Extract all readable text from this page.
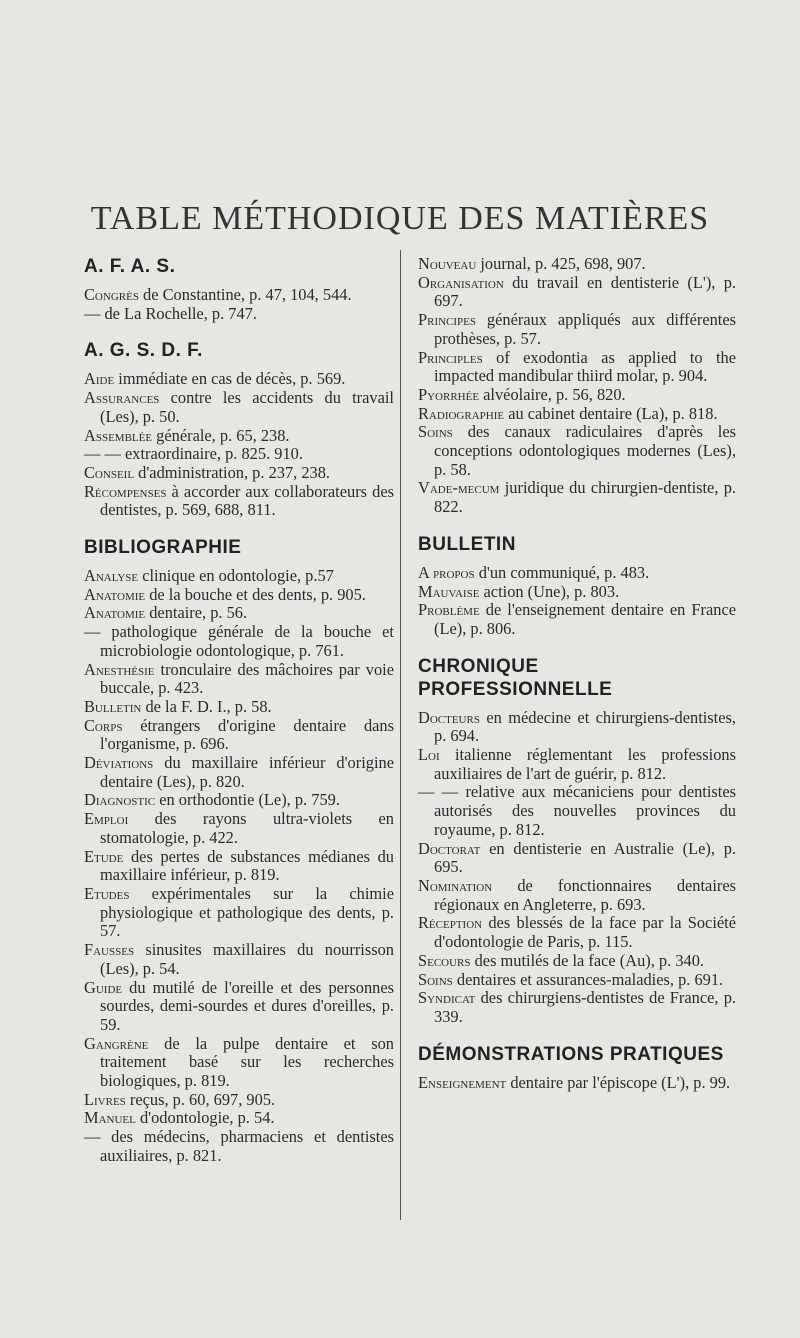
TABLE MÉTHODIQUE DES MATIÈRES
A. F. A. S.

Congrès de Constantine, p. 47, 104, 544.

— de La Rochelle, p. 747.

A. G. S. D. F.

Aide immédiate en cas de décès, p. 569.

Assurances contre les accidents du travail (Les), p. 50.

Assemblée générale, p. 65, 238.

— — extraordinaire, p. 825. 910.

Conseil d'administration, p. 237, 238.

Récompenses à accorder aux collaborateurs des dentistes, p. 569, 688, 811.

BIBLIOGRAPHIE

Analyse clinique en odontologie, p.57

Anatomie de la bouche et des dents, p. 905.

Anatomie dentaire, p. 56.

— pathologique générale de la bouche et microbiologie odontologique, p. 761.

Anesthésie tronculaire des mâchoires par voie buccale, p. 423.

Bulletin de la F. D. I., p. 58.

Corps étrangers d'origine dentaire dans l'organisme, p. 696.

Déviations du maxillaire inférieur d'origine dentaire (Les), p. 820.

Diagnostic en orthodontie (Le), p. 759.

Emploi des rayons ultra-violets en stomatologie, p. 422.

Etude des pertes de substances médianes du maxillaire inférieur, p. 819.

Etudes expérimentales sur la chimie physiologique et pathologique des dents, p. 57.

Fausses sinusites maxillaires du nourrisson (Les), p. 54.

Guide du mutilé de l'oreille et des personnes sourdes, demi-sourdes et dures d'oreilles, p. 59.

Gangrène de la pulpe dentaire et son traitement basé sur les recherches biologiques, p. 819.

Livres reçus, p. 60, 697, 905.

Manuel d'odontologie, p. 54.

— des médecins, pharmaciens et dentistes auxiliaires, p. 821.

Nouveau journal, p. 425, 698, 907.

Organisation du travail en dentisterie (L'), p. 697.

Principes généraux appliqués aux différentes prothèses, p. 57.

Principles of exodontia as applied to the impacted mandibular thiird molar, p. 904.

Pyorrhée alvéolaire, p. 56, 820.

Radiographie au cabinet dentaire (La), p. 818.

Soins des canaux radiculaires d'après les conceptions odontologiques modernes (Les), p. 58.

Vade-mecum juridique du chirurgien-dentiste, p. 822.

BULLETIN

A propos d'un communiqué, p. 483.

Mauvaise action (Une), p. 803.

Problème de l'enseignement dentaire en France (Le), p. 806.

CHRONIQUE PROFESSIONNELLE

Docteurs en médecine et chirurgiens-dentistes, p. 694.

Loi italienne réglementant les professions auxiliaires de l'art de guérir, p. 812.

— — relative aux mécaniciens pour dentistes autorisés des nouvelles provinces du royaume, p. 812.

Doctorat en dentisterie en Australie (Le), p. 695.

Nomination de fonctionnaires dentaires régionaux en Angleterre, p. 693.

Réception des blessés de la face par la Société d'odontologie de Paris, p. 115.

Secours des mutilés de la face (Au), p. 340.

Soins dentaires et assurances-maladies, p. 691.

Syndicat des chirurgiens-dentistes de France, p. 339.

DÉMONSTRATIONS PRATIQUES

Enseignement dentaire par l'épiscope (L'), p. 99.
